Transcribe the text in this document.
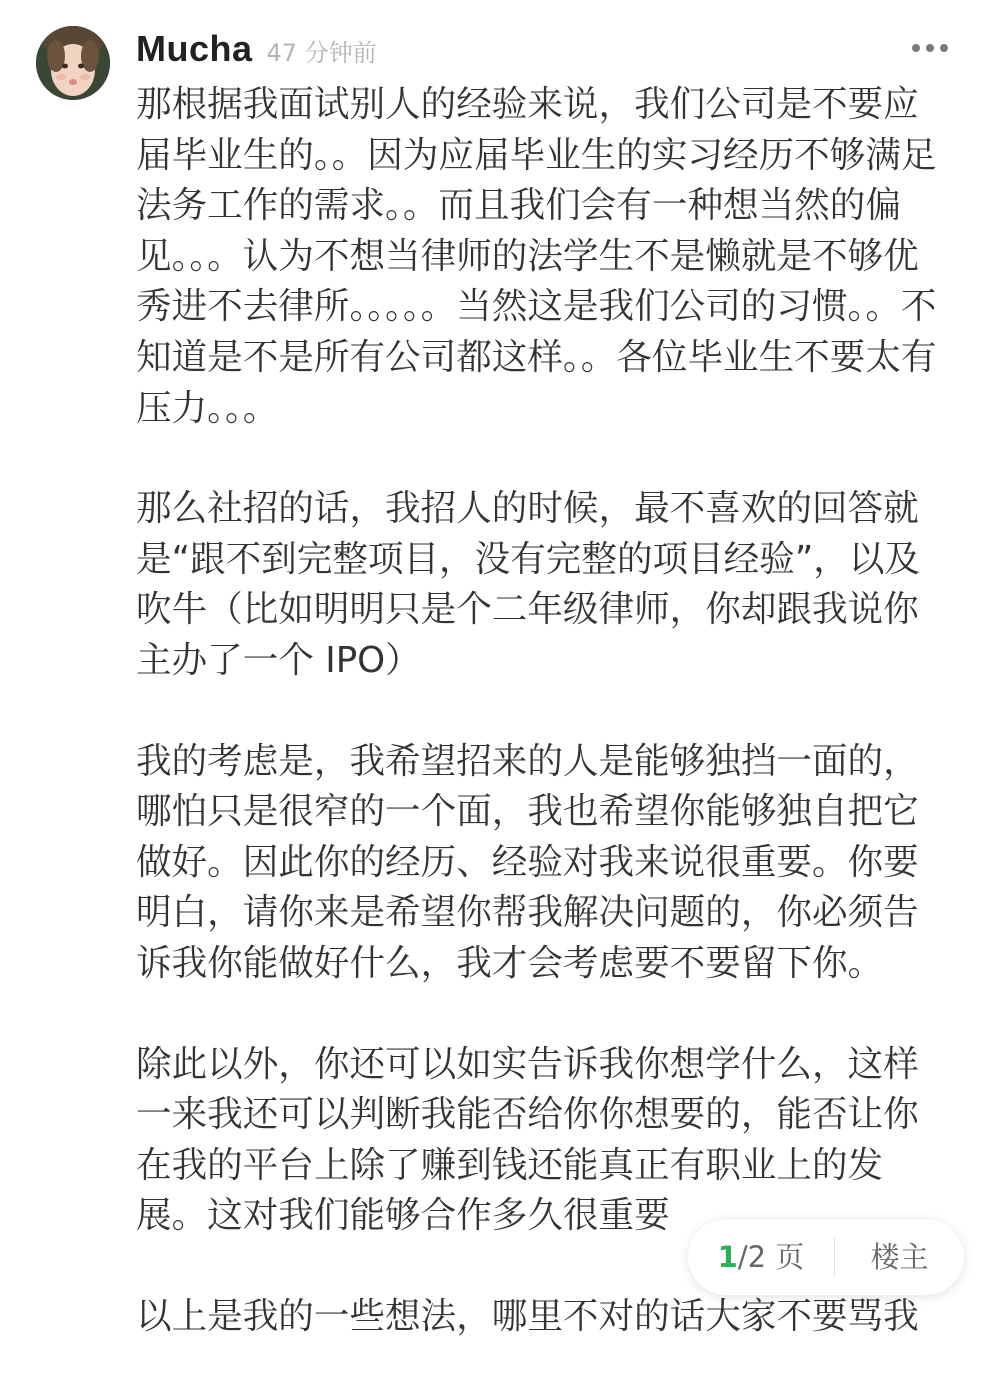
Mucha 47 分钟前

那根据我面试别人的经验来说，我们公司是不要应届毕业生的。。因为应届毕业生的实习经历不够满足法务工作的需求。。而且我们会有一种想当然的偏见。。。认为不想当律师的法学生不是懒就是不够优秀进不去律所。。。。。当然这是我们公司的习惯。。不知道是不是所有公司都这样。。各位毕业生不要太有压力。。。

那么社招的话，我招人的时候，最不喜欢的回答就是“跟不到完整项目，没有完整的项目经验”，以及吹牛（比如明明只是个二年级律师，你却跟我说你主办了一个 IPO）

我的考虑是，我希望招来的人是能够独挡一面的，哪怕只是很窄的一个面，我也希望你能够独自把它做好。因此你的经历、经验对我来说很重要。你要明白，请你来是希望你帮我解决问题的，你必须告诉我你能做好什么，我才会考虑要不要留下你。

除此以外，你还可以如实告诉我你想学什么，这样一来我还可以判断我能否给你你想要的，能否让你在我的平台上除了赚到钱还能真正有职业上的发展。这对我们能够合作多久很重要

以上是我的一些想法，哪里不对的话大家不要骂我

1/2 页	楼主
